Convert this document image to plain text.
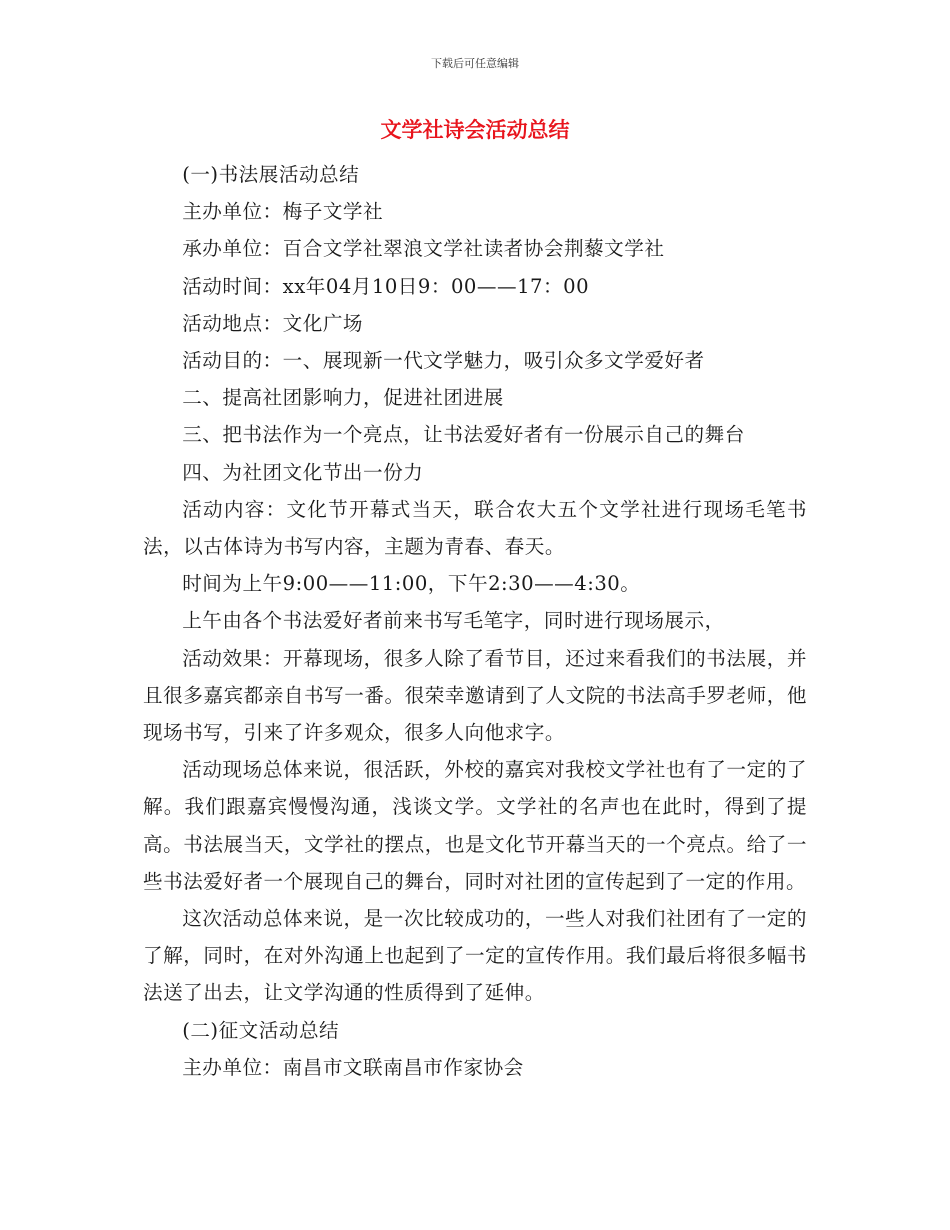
下载后可任意编辑
文学社诗会活动总结

(一)书法展活动总结

主办单位：梅子文学社

承办单位：百合文学社翠浪文学社读者协会荆藜文学社

活动时间：xx年04月10日9：00——17：00

活动地点：文化广场

活动目的：一、展现新一代文学魅力，吸引众多文学爱好者

二、提高社团影响力，促进社团进展

三、把书法作为一个亮点，让书法爱好者有一份展示自己的舞台

四、为社团文化节出一份力

活动内容：文化节开幕式当天，联合农大五个文学社进行现场毛笔书法，以古体诗为书写内容，主题为青春、春天。

时间为上午9:00——11:00，下午2:30——4:30。

上午由各个书法爱好者前来书写毛笔字，同时进行现场展示，

活动效果：开幕现场，很多人除了看节目，还过来看我们的书法展，并且很多嘉宾都亲自书写一番。很荣幸邀请到了人文院的书法高手罗老师，他现场书写，引来了许多观众，很多人向他求字。

活动现场总体来说，很活跃，外校的嘉宾对我校文学社也有了一定的了解。我们跟嘉宾慢慢沟通，浅谈文学。文学社的名声也在此时，得到了提高。书法展当天，文学社的摆点，也是文化节开幕当天的一个亮点。给了一些书法爱好者一个展现自己的舞台，同时对社团的宣传起到了一定的作用。

这次活动总体来说，是一次比较成功的，一些人对我们社团有了一定的了解，同时，在对外沟通上也起到了一定的宣传作用。我们最后将很多幅书法送了出去，让文学沟通的性质得到了延伸。

(二)征文活动总结

主办单位：南昌市文联南昌市作家协会
